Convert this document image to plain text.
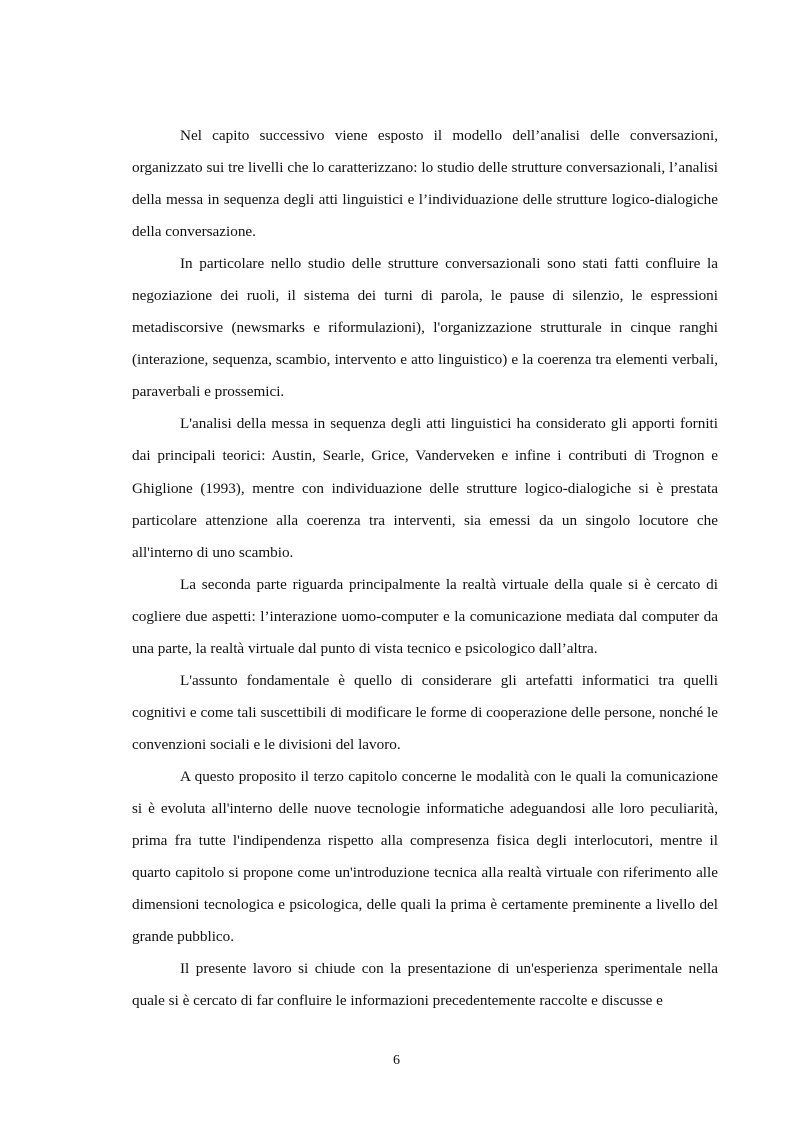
Nel capito successivo viene esposto il modello dell’analisi delle conversazioni, organizzato sui tre livelli che lo caratterizzano: lo studio delle strutture conversazionali, l’analisi della messa in sequenza degli atti linguistici e l’individuazione delle strutture logico-dialogiche della conversazione.

In particolare nello studio delle strutture conversazionali sono stati fatti confluire la negoziazione dei ruoli, il sistema dei turni di parola, le pause di silenzio, le espressioni metadiscorsive (newsmarks e riformulazioni), l'organizzazione strutturale in cinque ranghi (interazione, sequenza, scambio, intervento e atto linguistico) e la coerenza tra elementi verbali, paraverbali e prossemici.

L'analisi della messa in sequenza degli atti linguistici ha considerato gli apporti forniti dai principali teorici: Austin, Searle, Grice, Vanderveken e infine i contributi di Trognon e Ghiglione (1993), mentre con individuazione delle strutture logico-dialogiche si è prestata particolare attenzione alla coerenza tra interventi, sia emessi da un singolo locutore che all'interno di uno scambio.

La seconda parte riguarda principalmente la realtà virtuale della quale si è cercato di cogliere due aspetti: l’interazione uomo-computer e la comunicazione mediata dal computer da una parte, la realtà virtuale dal punto di vista tecnico e psicologico dall’altra.

L'assunto fondamentale è quello di considerare gli artefatti informatici tra quelli cognitivi e come tali suscettibili di modificare le forme di cooperazione delle persone, nonché le convenzioni sociali e le divisioni del lavoro.

A questo proposito il terzo capitolo concerne le modalità con le quali la comunicazione si è evoluta all'interno delle nuove tecnologie informatiche adeguandosi alle loro peculiarità, prima fra tutte l'indipendenza rispetto alla compresenza fisica degli interlocutori, mentre il quarto capitolo si propone come un'introduzione tecnica alla realtà virtuale con riferimento alle dimensioni tecnologica e psicologica, delle quali la prima è certamente preminente a livello del grande pubblico.

Il presente lavoro si chiude con la presentazione di un'esperienza sperimentale nella quale si è cercato di far confluire le informazioni precedentemente raccolte e discusse e

6
